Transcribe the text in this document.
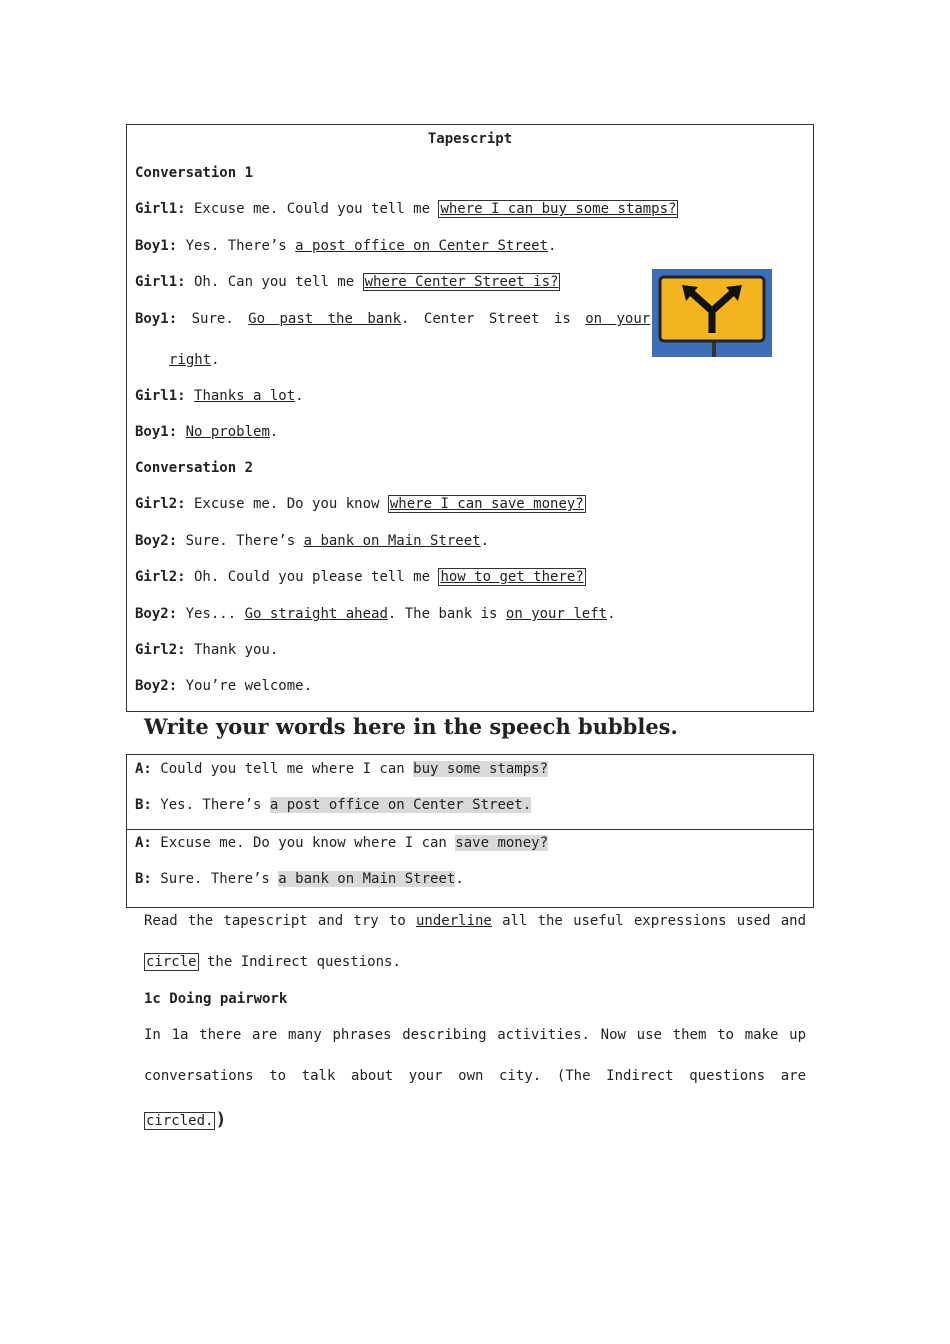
Tapescript
Conversation 1
Girl1: Excuse me. Could you tell me where I can buy some stamps?
Boy1: Yes. There’s a post office on Center Street.
Girl1: Oh. Can you tell me where Center Street is?
Boy1: Sure. Go past the bank. Center Street is on your
right.
Girl1: Thanks a lot.
Boy1: No problem.
Conversation 2
Girl2: Excuse me. Do you know where I can save money?
Boy2: Sure. There’s a bank on Main Street.
Girl2: Oh. Could you please tell me how to get there?
Boy2: Yes... Go straight ahead. The bank is on your left.
Girl2: Thank you.
Boy2: You’re welcome.
Write your words here in the speech bubbles.
A: Could you tell me where I can buy some stamps?
B: Yes. There’s a post office on Center Street.
A: Excuse me. Do you know where I can save money?
B: Sure. There’s a bank on Main Street.
Read the tapescript and try to underline all the useful expressions used and
circle the Indirect questions.
1c Doing pairwork
In 1a there are many phrases describing activities. Now use them to make up
conversations to talk about your own city. (The Indirect questions are
circled. )
